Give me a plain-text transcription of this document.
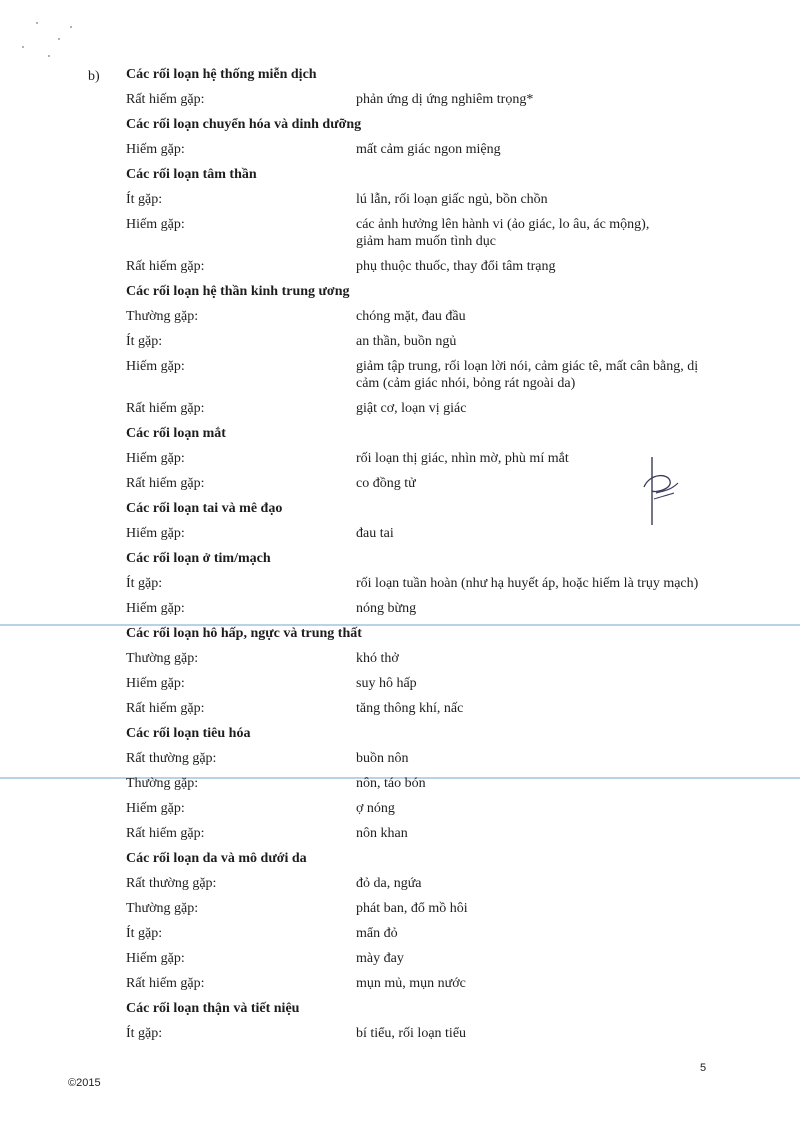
b) Các rối loạn hệ thống miễn dịch
Rất hiếm gặp:	phản ứng dị ứng nghiêm trọng*
Các rối loạn chuyển hóa và dinh dưỡng
Hiếm gặp:	mất cảm giác ngon miệng
Các rối loạn tâm thần
Ít gặp:	lú lẫn, rối loạn giấc ngủ, bồn chồn
Hiếm gặp:	các ảnh hưởng lên hành vi (ảo giác, lo âu, ác mộng),
giảm ham muốn tình dục
Rất hiếm gặp:	phụ thuộc thuốc, thay đổi tâm trạng
Các rối loạn hệ thần kinh trung ương
Thường gặp:	chóng mặt, đau đầu
Ít gặp:	an thần, buồn ngủ
Hiếm gặp:	giảm tập trung, rối loạn lời nói, cảm giác tê, mất cân bằng, dị
cảm (cảm giác nhói, bỏng rát ngoài da)
Rất hiếm gặp:	giật cơ, loạn vị giác
Các rối loạn mắt
Hiếm gặp:	rối loạn thị giác, nhìn mờ, phù mí mắt
Rất hiếm gặp:	co đồng tử
Các rối loạn tai và mê đạo
Hiếm gặp:	đau tai
Các rối loạn ở tim/mạch
Ít gặp:	rối loạn tuần hoàn (như hạ huyết áp, hoặc hiếm là trụy mạch)
Hiếm gặp:	nóng bừng
Các rối loạn hô hấp, ngực và trung thất
Thường gặp:	khó thở
Hiếm gặp:	suy hô hấp
Rất hiếm gặp:	tăng thông khí, nấc
Các rối loạn tiêu hóa
Rất thường gặp:	buồn nôn
Thường gặp:	nôn, táo bón
Hiếm gặp:	ợ nóng
Rất hiếm gặp:	nôn khan
Các rối loạn da và mô dưới da
Rất thường gặp:	đỏ da, ngứa
Thường gặp:	phát ban, đổ mồ hôi
Ít gặp:	mẩn đỏ
Hiếm gặp:	mày đay
Rất hiếm gặp:	mụn mủ, mụn nước
Các rối loạn thận và tiết niệu
Ít gặp:	bí tiểu, rối loạn tiểu
5
©2015
